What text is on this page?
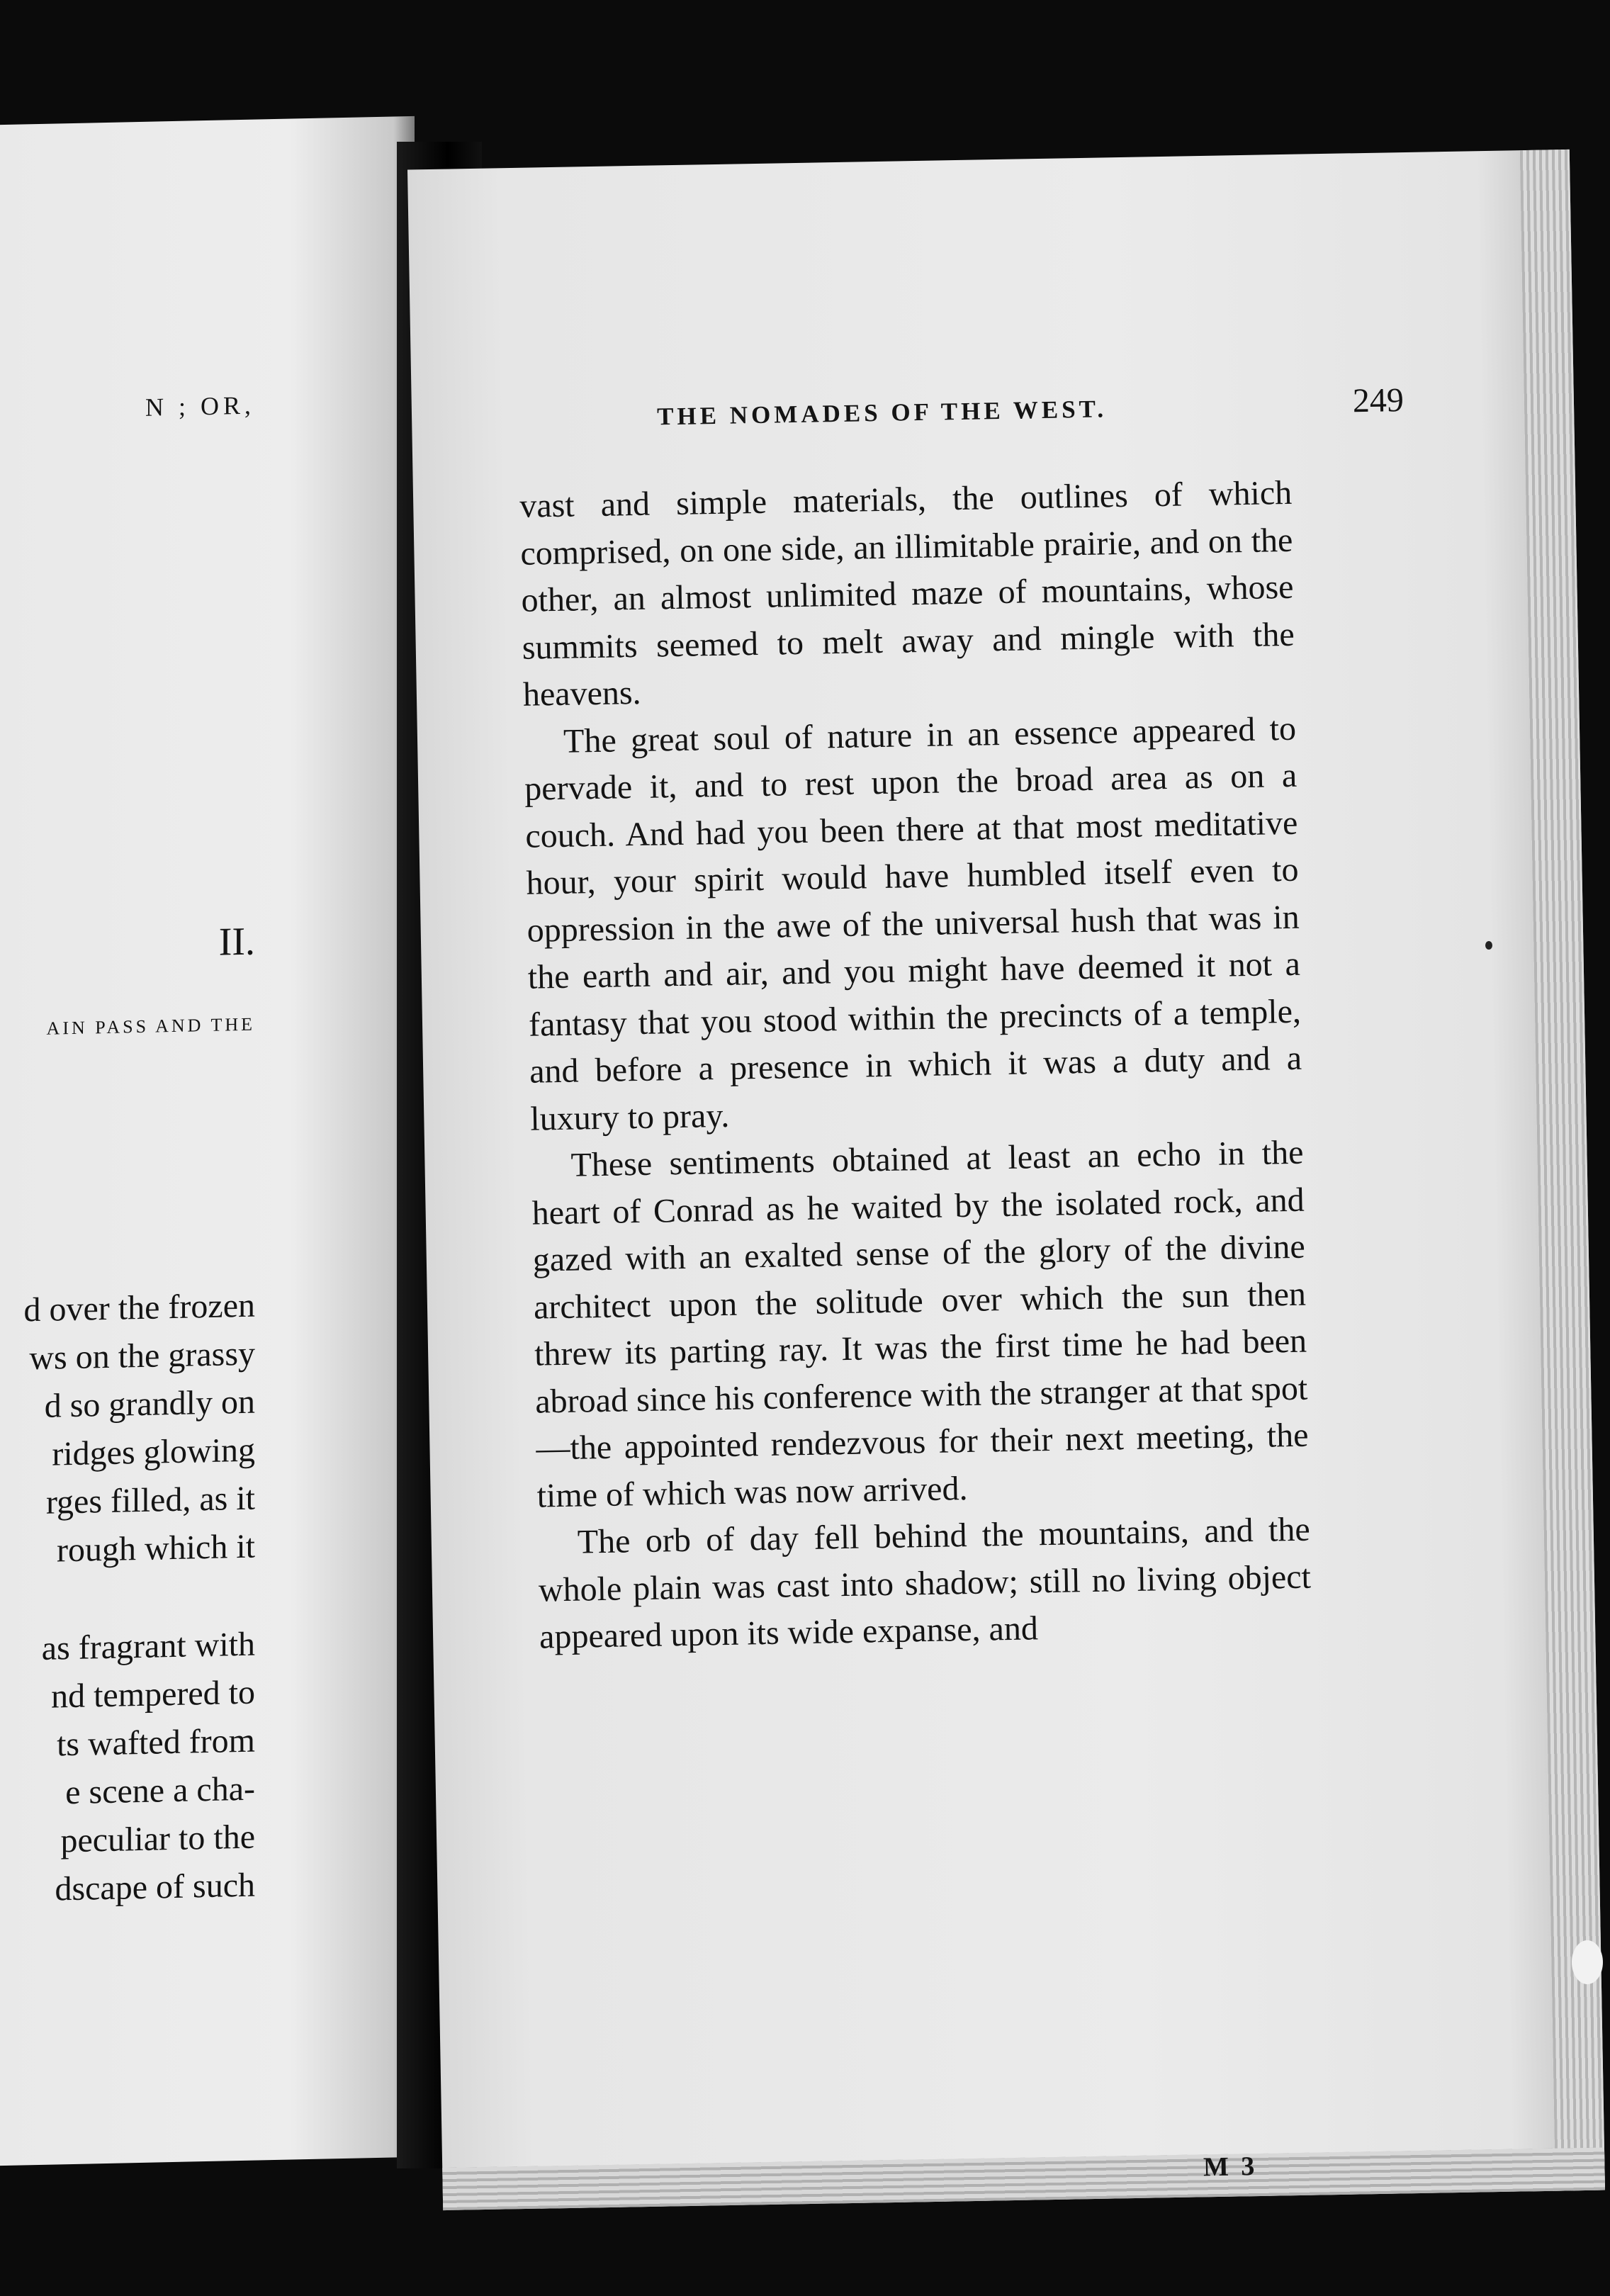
N ; OR,
II.
AIN PASS AND THE
d over the frozen
ws on the grassy
d so grandly on
ridges glowing
rges filled, as it
rough which it
as fragrant with
nd tempered to
ts wafted from
e scene a cha-
peculiar to the
dscape of such
THE NOMADES OF THE WEST.	249

vast and simple materials, the outlines of which comprised, on one side, an illimitable prairie, and on the other, an almost unlimited maze of mountains, whose summits seemed to melt away and mingle with the heavens.

The great soul of nature in an essence appeared to pervade it, and to rest upon the broad area as on a couch. And had you been there at that most meditative hour, your spirit would have humbled itself even to oppression in the awe of the universal hush that was in the earth and air, and you might have deemed it not a fantasy that you stood within the precincts of a temple, and before a presence in which it was a duty and a luxury to pray.

These sentiments obtained at least an echo in the heart of Conrad as he waited by the isolated rock, and gazed with an exalted sense of the glory of the divine architect upon the solitude over which the sun then threw its parting ray. It was the first time he had been abroad since his conference with the stranger at that spot—the appointed rendezvous for their next meeting, the time of which was now arrived.

The orb of day fell behind the mountains, and the whole plain was cast into shadow; still no living object appeared upon its wide expanse, and

M 3
